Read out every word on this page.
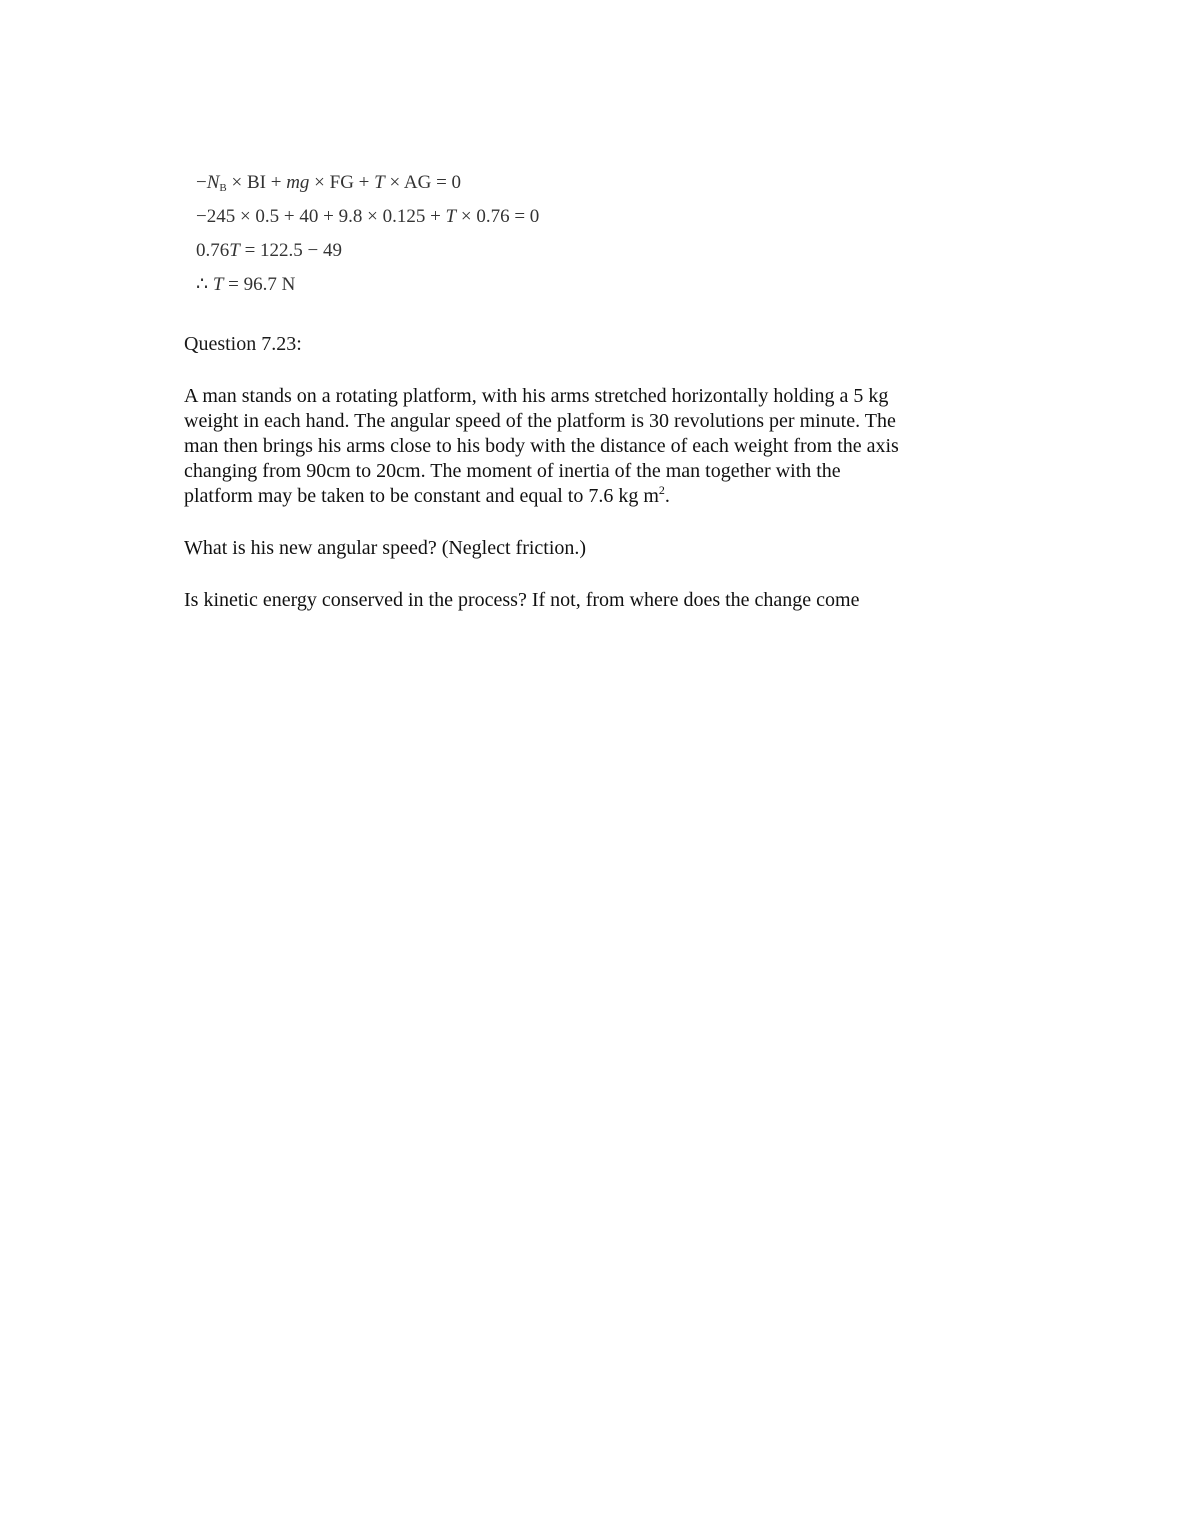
$-N_B$ × BI + mg × FG + T × AG = 0
−245 × 0.5 + 40 + 9.8 × 0.125 + T × 0.76 = 0
0.76T = 122.5 − 49
∴ T = 96.7 N
Question 7.23:
A man stands on a rotating platform, with his arms stretched horizontally holding a 5 kg
weight in each hand. The angular speed of the platform is 30 revolutions per minute. The
man then brings his arms close to his body with the distance of each weight from the axis
changing from 90cm to 20cm. The moment of inertia of the man together with the
platform may be taken to be constant and equal to 7.6 kg $m^2$.
What is his new angular speed? (Neglect friction.)
Is kinetic energy conserved in the process? If not, from where does the change come
